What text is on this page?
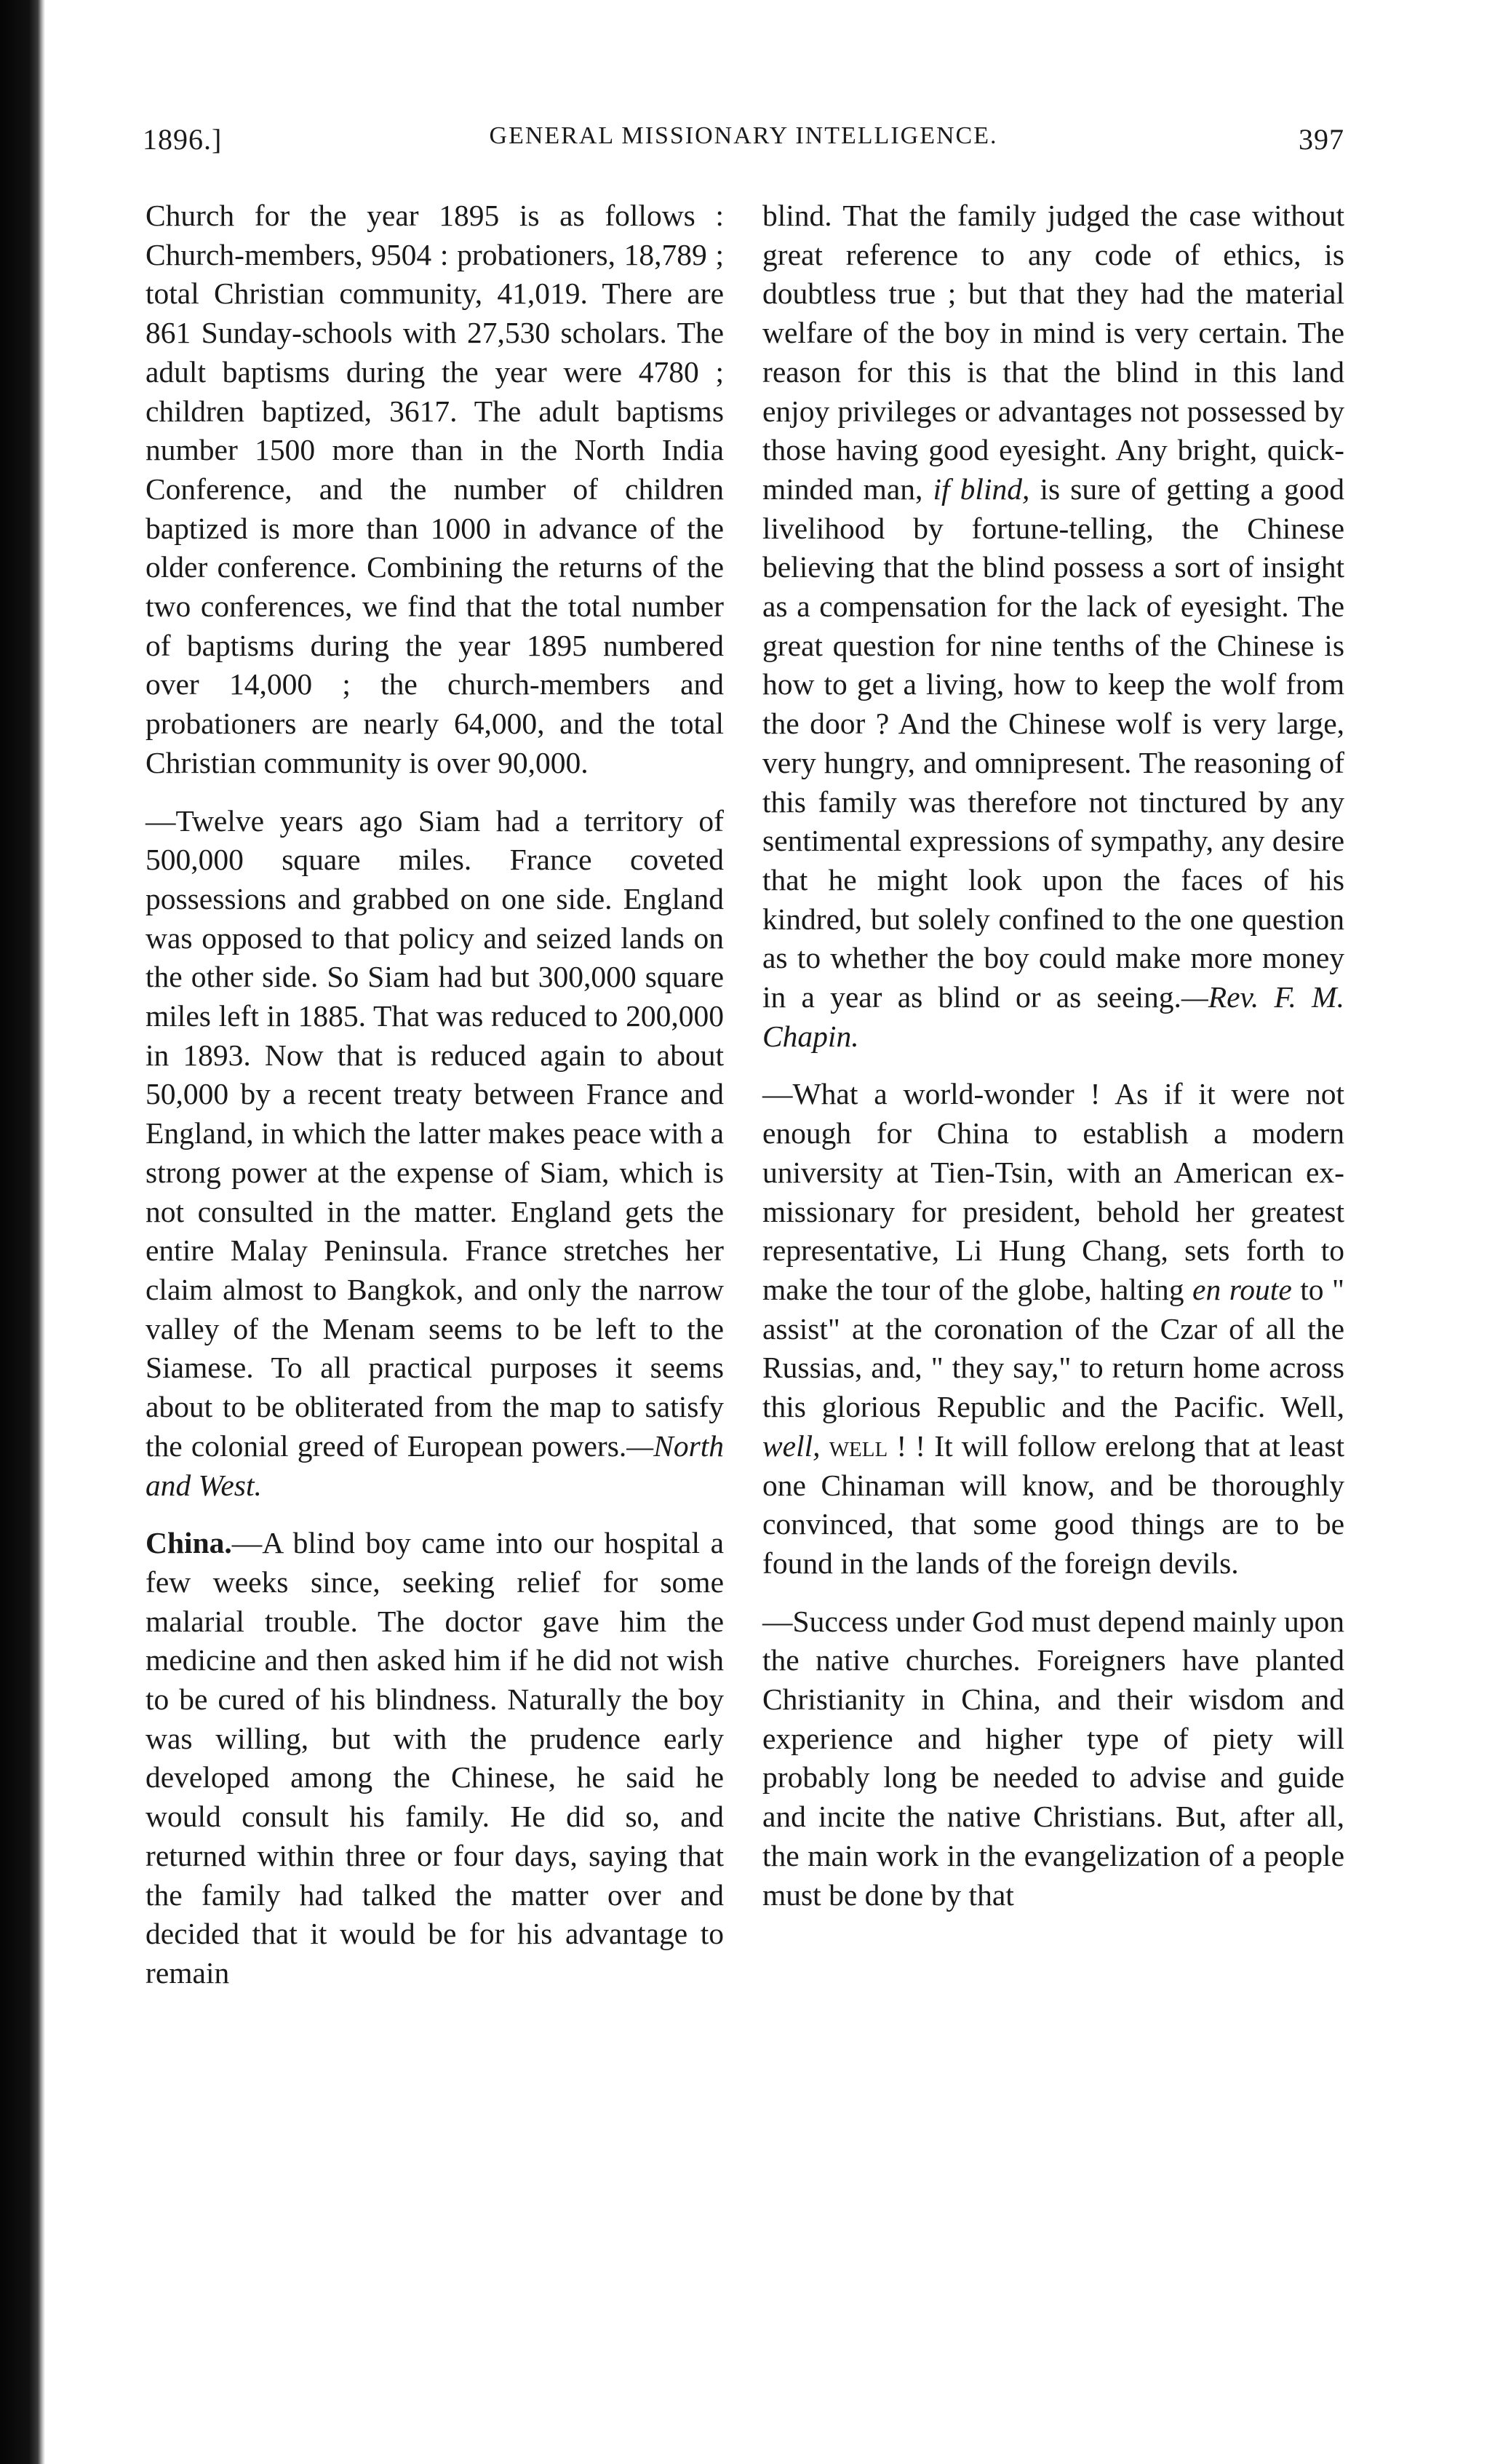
1896.]	GENERAL MISSIONARY INTELLIGENCE.	397

Church for the year 1895 is as follows : Church-members, 9504 : probationers, 18,789 ; total Christian community, 41,019. There are 861 Sunday-schools with 27,530 scholars. The adult baptisms during the year were 4780 ; children baptized, 3617. The adult baptisms number 1500 more than in the North India Conference, and the number of children baptized is more than 1000 in advance of the older conference. Combining the returns of the two conferences, we find that the total number of baptisms during the year 1895 numbered over 14,000 ; the church-members and probationers are nearly 64,000, and the total Christian community is over 90,000.

—Twelve years ago Siam had a territory of 500,000 square miles. France coveted possessions and grabbed on one side. England was opposed to that policy and seized lands on the other side. So Siam had but 300,000 square miles left in 1885. That was reduced to 200,000 in 1893. Now that is reduced again to about 50,000 by a recent treaty between France and England, in which the latter makes peace with a strong power at the expense of Siam, which is not consulted in the matter. England gets the entire Malay Peninsula. France stretches her claim almost to Bangkok, and only the narrow valley of the Menam seems to be left to the Siamese. To all practical purposes it seems about to be obliterated from the map to satisfy the colonial greed of European powers.—North and West.

China.—A blind boy came into our hospital a few weeks since, seeking relief for some malarial trouble. The doctor gave him the medicine and then asked him if he did not wish to be cured of his blindness. Naturally the boy was willing, but with the prudence early developed among the Chinese, he said he would consult his family. He did so, and returned within three or four days, saying that the family had talked the matter over and decided that it would be for his advantage to remain

blind. That the family judged the case without great reference to any code of ethics, is doubtless true ; but that they had the material welfare of the boy in mind is very certain. The reason for this is that the blind in this land enjoy privileges or advantages not possessed by those having good eyesight. Any bright, quick-minded man, if blind, is sure of getting a good livelihood by fortune-telling, the Chinese believing that the blind possess a sort of insight as a compensation for the lack of eyesight. The great question for nine tenths of the Chinese is how to get a living, how to keep the wolf from the door ? And the Chinese wolf is very large, very hungry, and omnipresent. The reasoning of this family was therefore not tinctured by any sentimental expressions of sympathy, any desire that he might look upon the faces of his kindred, but solely confined to the one question as to whether the boy could make more money in a year as blind or as seeing.—Rev. F. M. Chapin.

—What a world-wonder ! As if it were not enough for China to establish a modern university at Tien-Tsin, with an American ex-missionary for president, behold her greatest representative, Li Hung Chang, sets forth to make the tour of the globe, halting en route to " assist" at the coronation of the Czar of all the Russias, and, " they say," to return home across this glorious Republic and the Pacific. Well, well, well ! ! It will follow erelong that at least one Chinaman will know, and be thoroughly convinced, that some good things are to be found in the lands of the foreign devils.

—Success under God must depend mainly upon the native churches. Foreigners have planted Christianity in China, and their wisdom and experience and higher type of piety will probably long be needed to advise and guide and incite the native Christians. But, after all, the main work in the evangelization of a people must be done by that
